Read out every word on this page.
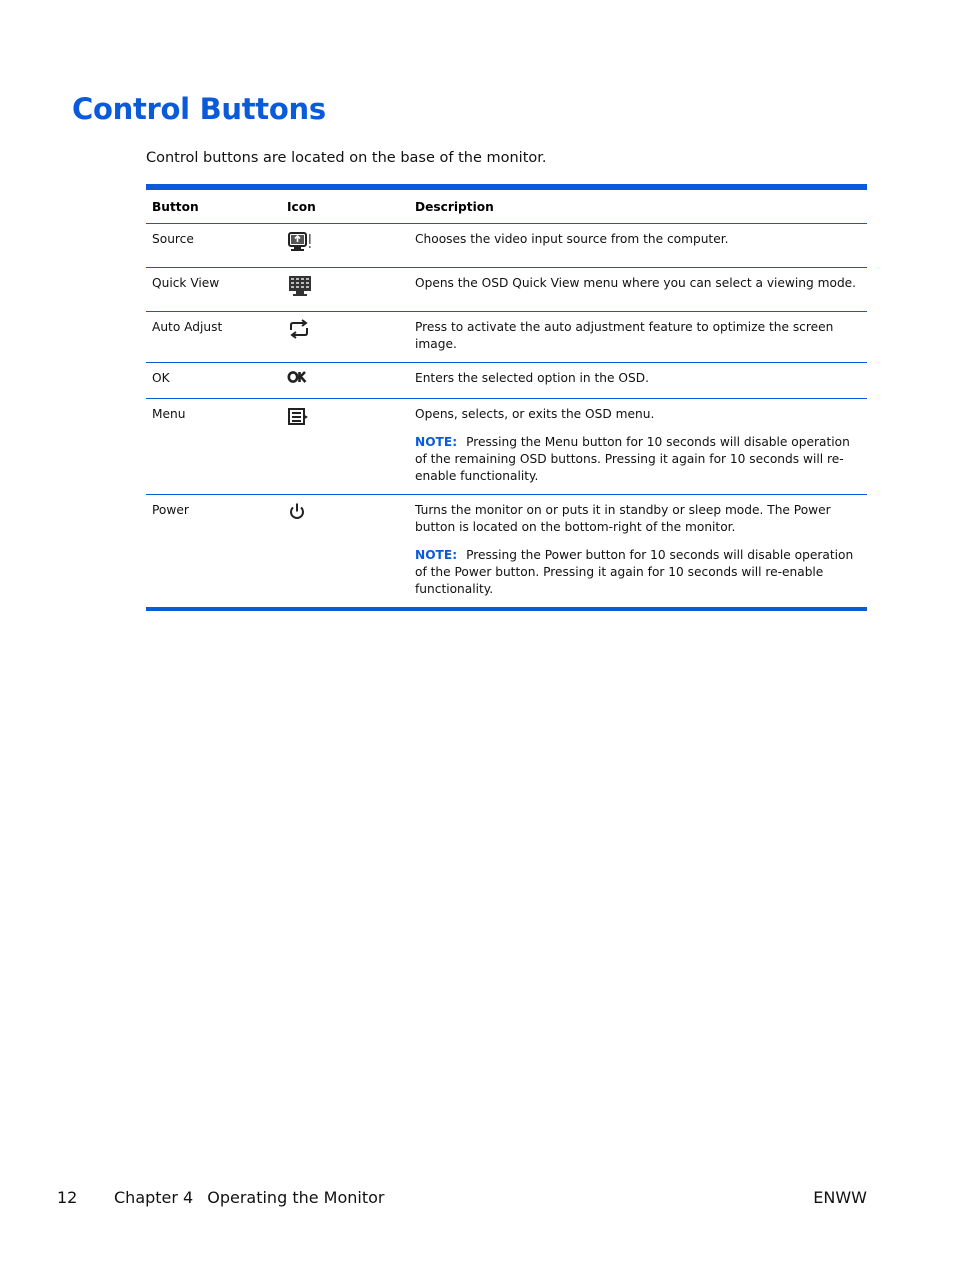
Control Buttons

Control buttons are located on the base of the monitor.

Button	Icon	Description
Source		Chooses the video input source from the computer.

Quick View		Opens the OSD Quick View menu where you can select a viewing mode.

Auto Adjust		Press to activate the auto adjustment feature to optimize the screen image.

OK		Enters the selected option in the OSD.

Menu		Opens, selects, or exits the OSD menu.

NOTE: Pressing the Menu button for 10 seconds will disable operation of the remaining OSD buttons. Pressing it again for 10 seconds will re-enable functionality.

Power		Turns the monitor on or puts it in standby or sleep mode. The Power button is located on the bottom-right of the monitor.

NOTE: Pressing the Power button for 10 seconds will disable operation of the Power button. Pressing it again for 10 seconds will re-enable functionality.

12 Chapter 4 Operating the Monitor	ENWW
